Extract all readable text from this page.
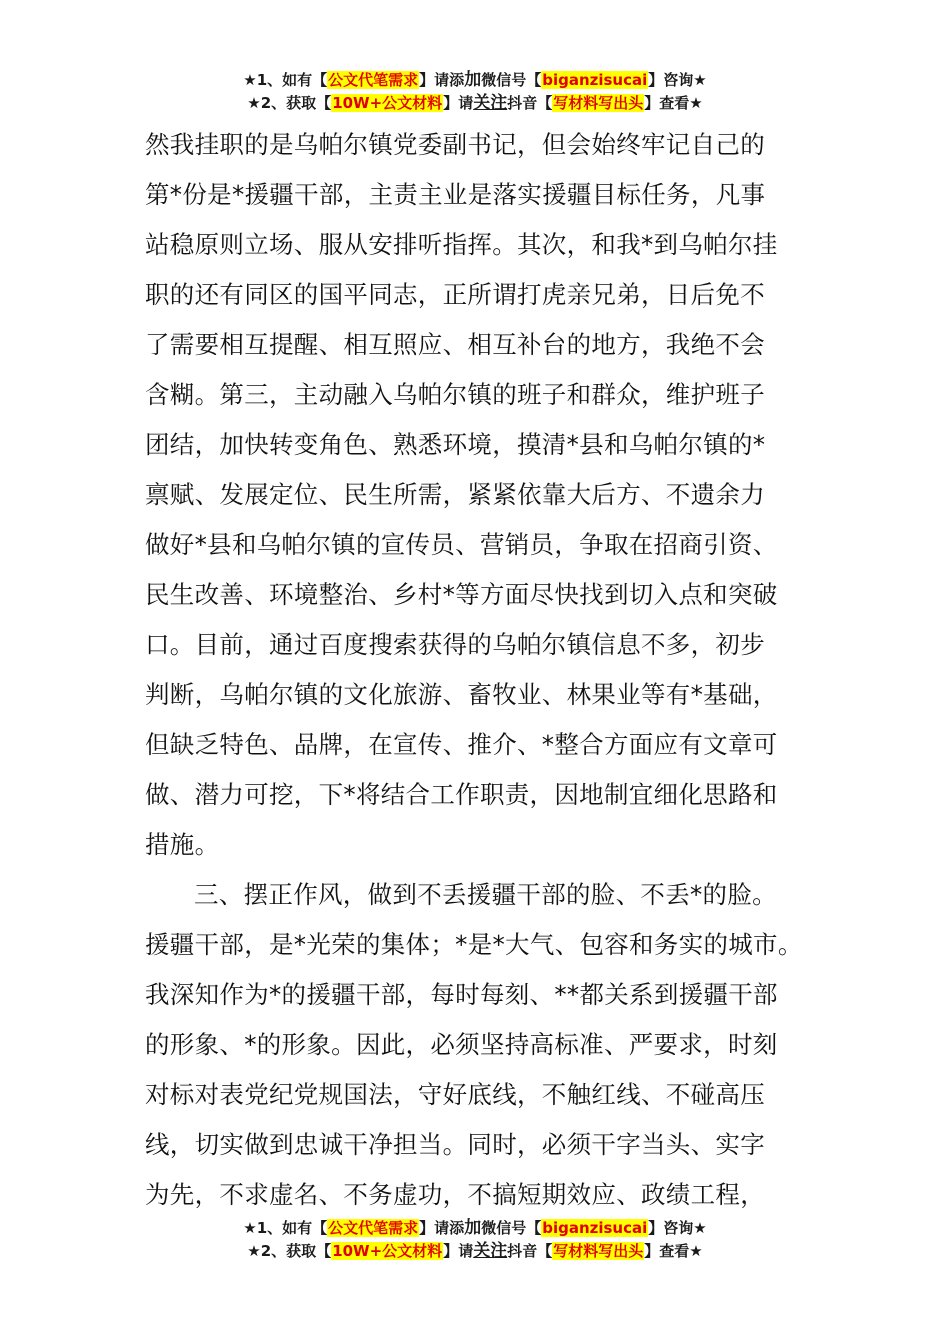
★1、如有【公文代笔需求】请添加微信号【biganzisucai】咨询★
★2、获取【10W+公文材料】请关注抖音【写材料写出头】查看★

然我挂职的是乌帕尔镇党委副书记，但会始终牢记自己的
第*份是*援疆干部，主责主业是落实援疆目标任务，凡事
站稳原则立场、服从安排听指挥。其次，和我*到乌帕尔挂
职的还有同区的国平同志，正所谓打虎亲兄弟，日后免不
了需要相互提醒、相互照应、相互补台的地方，我绝不会
含糊。第三，主动融入乌帕尔镇的班子和群众，维护班子
团结，加快转变角色、熟悉环境，摸清*县和乌帕尔镇的*
禀赋、发展定位、民生所需，紧紧依靠大后方、不遗余力
做好*县和乌帕尔镇的宣传员、营销员，争取在招商引资、
民生改善、环境整治、乡村*等方面尽快找到切入点和突破
口。目前，通过百度搜索获得的乌帕尔镇信息不多，初步
判断，乌帕尔镇的文化旅游、畜牧业、林果业等有*基础，
但缺乏特色、品牌，在宣传、推介、*整合方面应有文章可
做、潜力可挖，下*将结合工作职责，因地制宜细化思路和
措施。

三、摆正作风，做到不丢援疆干部的脸、不丢*的脸。
援疆干部，是*光荣的集体；*是*大气、包容和务实的城市。
我深知作为*的援疆干部，每时每刻、**都关系到援疆干部
的形象、*的形象。因此，必须坚持高标准、严要求，时刻
对标对表党纪党规国法，守好底线，不触红线、不碰高压
线，切实做到忠诚干净担当。同时，必须干字当头、实字
为先，不求虚名、不务虚功，不搞短期效应、政绩工程，

★1、如有【公文代笔需求】请添加微信号【biganzisucai】咨询★
★2、获取【10W+公文材料】请关注抖音【写材料写出头】查看★
